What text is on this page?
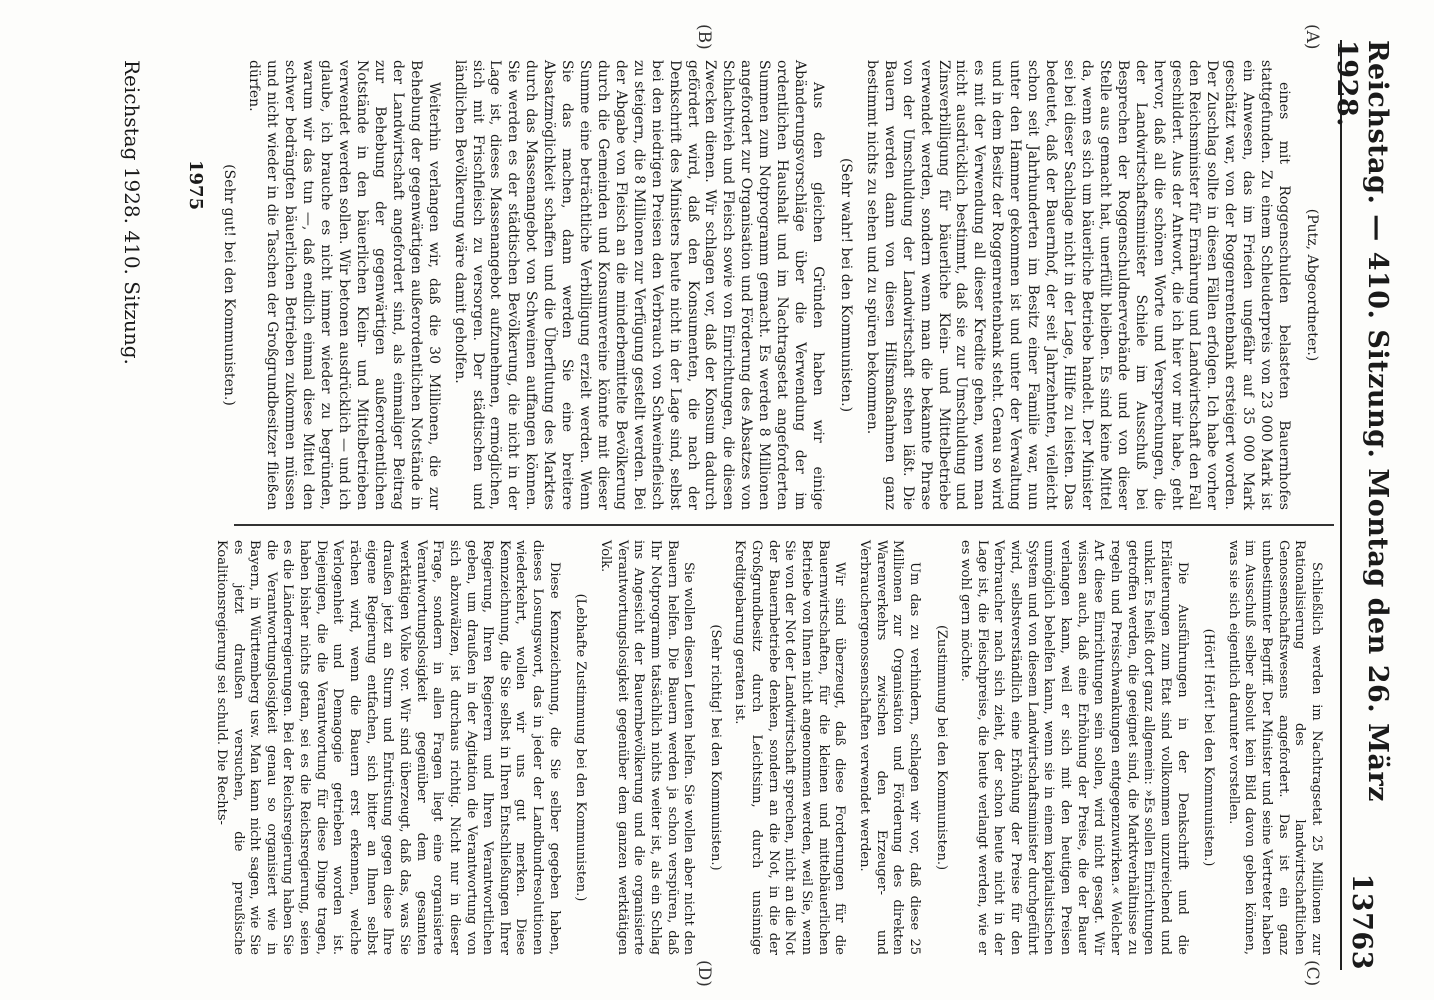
Reichstag. — 410. Sitzung. Montag den 26. März 1928.
13763
(A)
(B)
(C)
(D)

(Putz, Abgeordneter.)

eines mit Roggenschulden belasteten Bauernhofes stattgefunden. Zu einem Schleuderpreis von 23 000 Mark ist ein Anwesen, das im Frieden ungefähr auf 35 000 Mark geschätzt war, von der Roggenrentenbank ersteigert worden. Der Zuschlag sollte in diesen Fällen erfolgen. Ich habe vorher den Reichsminister für Ernährung und Landwirtschaft den Fall geschildert. Aus der Antwort, die ich hier vor mir habe, geht hervor, daß all die schönen Worte und Versprechungen, die der Landwirtschaftsminister Schiele im Ausschuß bei Besprechen der Roggenschuldnerverbände und von dieser Stelle aus gemacht hat, unerfüllt bleiben. Es sind keine Mittel da, wenn es sich um bäuerliche Betriebe handelt. Der Minister sei bei dieser Sachlage nicht in der Lage, Hilfe zu leisten. Das bedeutet, daß der Bauernhof, der seit Jahrzehnten, vielleicht schon seit Jahrhunderten im Besitz einer Familie war, nun unter den Hammer gekommen ist und unter der Verwaltung und in dem Besitz der Roggenrentenbank steht. Genau so wird es mit der Verwendung all dieser Kredite gehen, wenn man nicht ausdrücklich bestimmt, daß sie zur Umschuldung und Zinsverbilligung für bäuerliche Klein- und Mittelbetriebe verwendet werden, sondern wenn man die bekannte Phrase von der Umschuldung der Landwirtschaft stehen läßt. Die Bauern werden dann von diesen Hilfsmaßnahmen ganz bestimmt nichts zu sehen und zu spüren bekommen.

(Sehr wahr! bei den Kommunisten.)

Aus den gleichen Gründen haben wir einige Abänderungsvorschläge über die Verwendung der im ordentlichen Haushalt und im Nachtragsetat angeforderten Summen zum Notprogramm gemacht. Es werden 8 Millionen angefordert zur Organisation und Förderung des Absatzes von Schlachtvieh und Fleisch sowie von Einrichtungen, die diesen Zwecken dienen. Wir schlagen vor, daß der Konsum dadurch gefördert wird, daß den Konsumenten, die nach der Denkschrift des Ministers heute nicht in der Lage sind, selbst bei den niedrigen Preisen den Verbrauch von Schweinefleisch zu steigern, die 8 Millionen zur Verfügung gestellt werden. Bei der Abgabe von Fleisch an die minderbemittelte Bevölkerung durch die Gemeinden und Konsumvereine könnte mit dieser Summe eine beträchtliche Verbilligung erzielt werden. Wenn Sie das machen, dann werden Sie eine breitere Absatzmöglichkeit schaffen und die Überflutung des Marktes durch das Massenangebot von Schweinen auffangen können. Sie werden es der städtischen Bevölkerung, die nicht in der Lage ist, dieses Massenangebot aufzunehmen, ermöglichen, sich mit Frischfleisch zu versorgen. Der städtischen und ländlichen Bevölkerung wäre damit geholfen.

Weiterhin verlangen wir, daß die 30 Millionen, die zur Behebung der gegenwärtigen außerordentlichen Notstände in der Landwirtschaft angefordert sind, als einmaliger Beitrag zur Behebung der gegenwärtigen außerordentlichen Notstände in den bäuerlichen Klein- und Mittelbetrieben verwendet werden sollen. Wir betonen ausdrücklich — und ich glaube, ich brauche es nicht immer wieder zu begründen, warum wir das tun —, daß endlich einmal diese Mittel den schwer bedrängten bäuerlichen Betrieben zukommen müssen und nicht wieder in die Taschen der Großgrundbesitzer fließen dürfen.

(Sehr gut! bei den Kommunisten.)

Schließlich werden im Nachtragsetat 25 Millionen zur Rationalisierung des landwirtschaftlichen Genossenschaftswesens angefordert. Das ist ein ganz unbestimmter Begriff. Der Minister und seine Vertreter haben im Ausschuß selber absolut kein Bild davon geben können, was sie sich eigentlich darunter vorstellen.

(Hört! Hört! bei den Kommunisten.)

Die Ausführungen in der Denkschrift und die Erläuterungen zum Etat sind vollkommen unzureichend und unklar. Es heißt dort ganz allgemein: »Es sollen Einrichtungen getroffen werden, die geeignet sind, die Marktverhältnisse zu regeln und Preisschwankungen entgegenzuwirken.« Welcher Art diese Einrichtungen sein sollen, wird nicht gesagt. Wir wissen auch, daß eine Erhöhung der Preise, die der Bauer verlangen kann, weil er sich mit den heutigen Preisen unmöglich behelfen kann, wenn sie in einem kapitalistischen System und von diesem Landwirtschaftsminister durchgeführt wird, selbstverständlich eine Erhöhung der Preise für den Verbraucher nach sich zieht, der schon heute nicht in der Lage ist, die Fleischpreise, die heute verlangt werden, wie er es wohl gern möchte.

(Zustimmung bei den Kommunisten.)

Um das zu verhindern, schlagen wir vor, daß diese 25 Millionen zur Organisation und Förderung des direkten Warenverkehrs zwischen den Erzeuger- und Verbrauchergenossenschaften verwendet werden.

Wir sind überzeugt, daß diese Forderungen für die Bauernwirtschaften, für die kleinen und mittelbäuerlichen Betriebe von Ihnen nicht angenommen werden, weil Sie, wenn Sie von der Not der Landwirtschaft sprechen, nicht an die Not der Bauernbetriebe denken, sondern an die Not, in die der Großgrundbesitz durch Leichtsinn, durch unsinnige Kreditgebarung geraten ist.

(Sehr richtig! bei den Kommunisten.)

Sie wollen diesen Leuten helfen. Sie wollen aber nicht den Bauern helfen. Die Bauern werden ja schon verspüren, daß Ihr Notprogramm tatsächlich nichts weiter ist, als ein Schlag ins Angesicht der Bauernbevölkerung und die organisierte Verantwortungslosigkeit gegenüber dem ganzen werktätigen Volk.

(Lebhafte Zustimmung bei den Kommunisten.)

Diese Kennzeichnung, die Sie selber gegeben haben, dieses Losungswort, das in jeder der Landbundresolutionen wiederkehrt, wollen wir uns gut merken. Diese Kennzeichnung, die Sie selbst in Ihren Entschließungen Ihrer Regierung, Ihren Regierern und Ihren Verantwortlichen geben, um draußen in der Agitation die Verantwortung von sich abzuwälzen, ist durchaus richtig. Nicht nur in dieser Frage, sondern in allen Fragen liegt eine organisierte Verantwortungslosigkeit gegenüber dem gesamten werktätigen Volke vor. Wir sind überzeugt, daß das, was Sie draußen jetzt an Sturm und Entrüstung gegen diese Ihre eigene Regierung entfachen, sich bitter an Ihnen selbst rächen wird, wenn die Bauern erst erkennen, welche Verlogenheit und Demagogie getrieben worden ist. Diejenigen, die die Verantwortung für diese Dinge tragen, haben bisher nichts getan, sei es die Reichsregierung, seien es die Länderregierungen. Bei der Reichsregierung haben Sie die Verantwortungslosigkeit genau so organisiert wie in Bayern, in Württemberg usw. Man kann nicht sagen, wie Sie es jetzt draußen versuchen, die preußische Koalitionsregierung sei schuld. Die Rechts-

1975
Reichstag 1928. 410. Sitzung.
